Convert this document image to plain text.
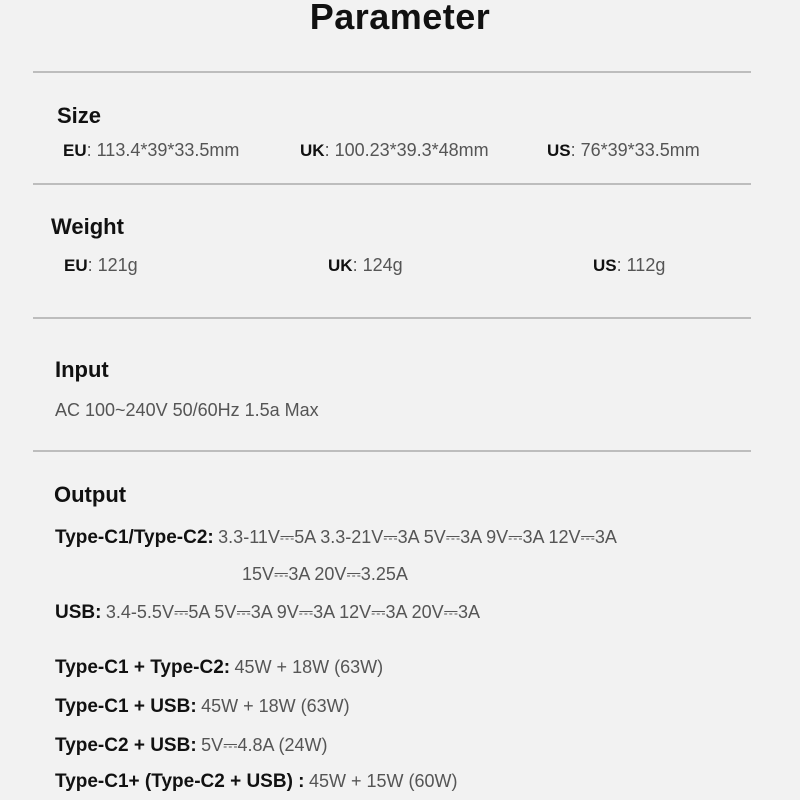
Parameter
Size
EU: 113.4*39*33.5mm	UK: 100.23*39.3*48mm	US: 76*39*33.5mm
Weight
EU: 121g	UK: 124g	US: 112g
Input
AC 100~240V 50/60Hz 1.5a Max
Output
Type-C1/Type-C2: 3.3-11V⎓5A 3.3-21V⎓3A 5V⎓3A 9V⎓3A 12V⎓3A
15V⎓3A 20V⎓3.25A
USB: 3.4-5.5V⎓5A 5V⎓3A 9V⎓3A 12V⎓3A 20V⎓3A
Type-C1 + Type-C2: 45W + 18W (63W)
Type-C1 + USB: 45W + 18W (63W)
Type-C2 + USB: 5V⎓4.8A (24W)
Type-C1+ (Type-C2 + USB) : 45W + 15W (60W)
